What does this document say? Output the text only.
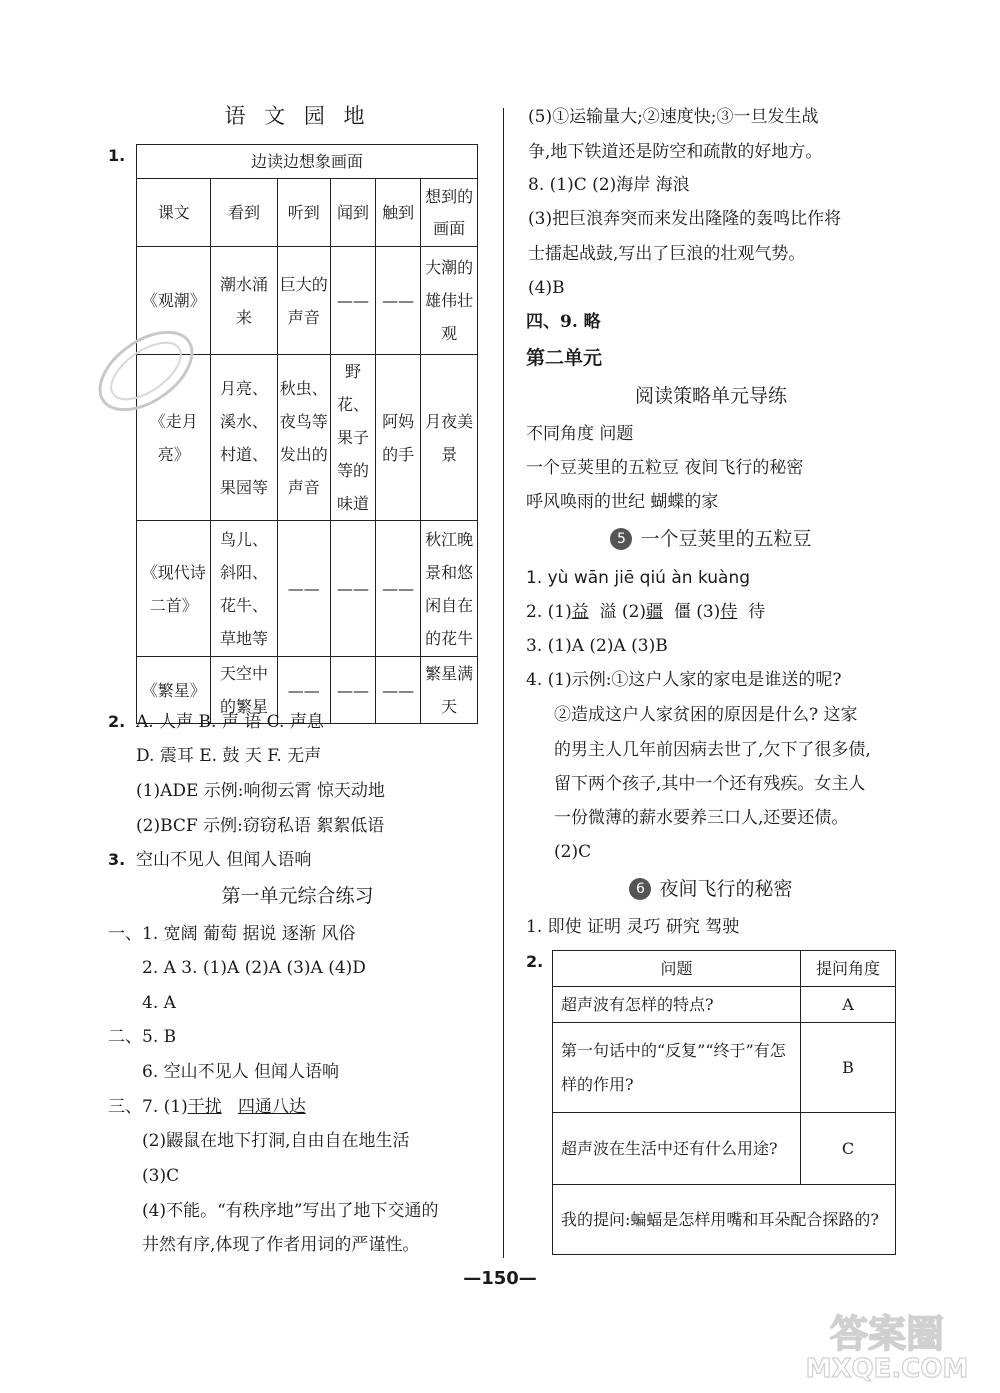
语 文 园 地
1.	边读边想象画面					
课文	看到	听到	闻到	触到	想到的画面
《观潮》	潮水涌来	巨大的声音	——	——	大潮的雄伟壮观
《走月亮》	月亮、溪水、村道、果园等	秋虫、夜鸟等发出的声音	野花、果子等的味道	阿妈的手	月夜美景
《现代诗二首》	鸟儿、斜阳、花牛、草地等	——	——	——	秋江晚景和悠闲自在的花牛
《繁星》	天空中的繁星	——	——	——	繁星满天
2. A. 人声 B. 声 语 C. 声息
D. 震耳 E. 鼓 天 F. 无声
(1)ADE 示例:响彻云霄 惊天动地
(2)BCF 示例:窃窃私语 絮絮低语
3. 空山不见人 但闻人语响
第一单元综合练习
一、1. 宽阔 葡萄 据说 逐渐 风俗
2. A 3. (1)A (2)A (3)A (4)D
4. A
二、5. B
6. 空山不见人 但闻人语响
三、7. (1)干扰 四通八达
(2)鼹鼠在地下打洞,自由自在地生活
(3)C
(4)不能。“有秩序地”写出了地下交通的
井然有序,体现了作者用词的严谨性。
(5)①运输量大;②速度快;③一旦发生战
争,地下铁道还是防空和疏散的好地方。
8. (1)C (2)海岸 海浪
(3)把巨浪奔突而来发出隆隆的轰鸣比作将
士擂起战鼓,写出了巨浪的壮观气势。
(4)B
四、9. 略
第二单元
阅读策略单元导练
不同角度 问题
一个豆荚里的五粒豆 夜间飞行的秘密
呼风唤雨的世纪 蝴蝶的家
5 一个豆荚里的五粒豆
1. yù wān jiē qiú àn kuàng
2. (1)益 溢 (2)疆 僵 (3)侍 待
3. (1)A (2)A (3)B
4. (1)示例:①这户人家的家电是谁送的呢?
②造成这户人家贫困的原因是什么? 这家
的男主人几年前因病去世了,欠下了很多债,
留下两个孩子,其中一个还有残疾。女主人
一份微薄的薪水要养三口人,还要还债。
(2)C
6 夜间飞行的秘密
1. 即使 证明 灵巧 研究 驾驶
2.	问题	提问角度
超声波有怎样的特点?	A
第一句话中的“反复”“终于”有怎样的作用?	B
超声波在生活中还有什么用途?	C
我的提问:蝙蝠是怎样用嘴和耳朵配合探路的?	
—150—
答案圈
MXQE.COM
